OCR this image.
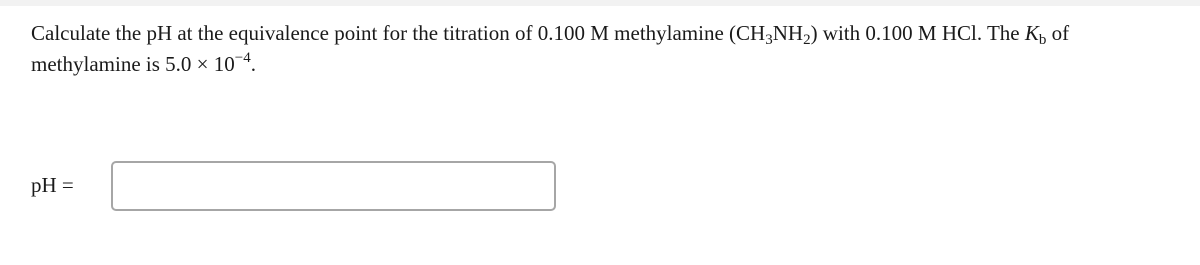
Calculate the pH at the equivalence point for the titration of 0.100 M methylamine $(CH_3NH_2)$ with 0.100 M HCl. The $K_b$ of
methylamine is $5.0 \times 10^{-4}$.
pH =
